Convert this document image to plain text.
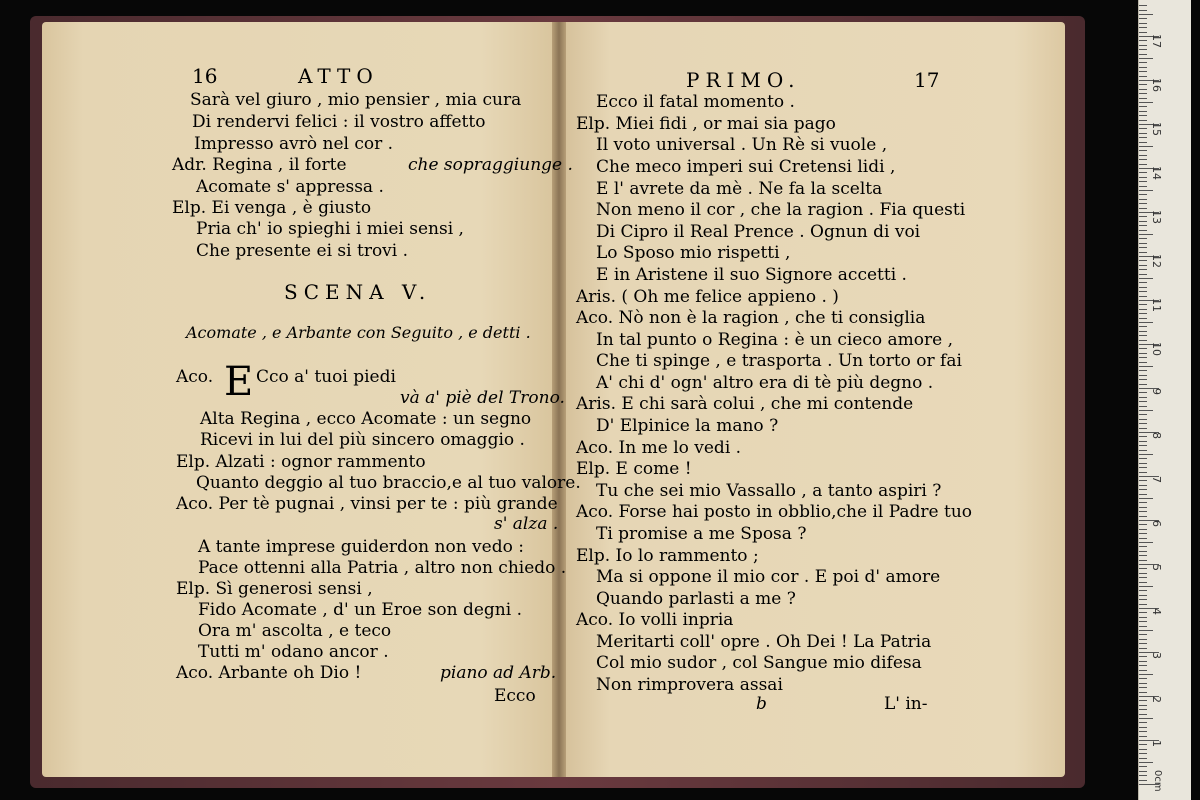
16	ATTO
Sarà vel giuro , mio pensier , mia cura
Di rendervi felici : il vostro affetto
Impresso avrò nel cor .
Adr. Regina , il forte	che sopraggiunge .
Acomate s' appressa .
Elp. Ei venga , è giusto
Pria ch' io spieghi i miei sensi ,
Che presente ei si trovi .
SCENA V.
Acomate , e Arbante con Seguito , e detti .
Aco. E Cco a' tuoi piedi
và a' piè del Trono.
Alta Regina , ecco Acomate : un segno
Ricevi in lui del più sincero omaggio .
Elp. Alzati : ognor rammento
Quanto deggio al tuo braccio,e al tuo valore.
Aco. Per tè pugnai , vinsi per te : più grande
s' alza .
A tante imprese guiderdon non vedo :
Pace ottenni alla Patria , altro non chiedo .
Elp. Sì generosi sensi ,
Fido Acomate , d' un Eroe son degni .
Ora m' ascolta , e teco
Tutti m' odano ancor .
Aco. Arbante oh Dio !	piano ad Arb.
Ecco
PRIMO.	17
Ecco il fatal momento .
Elp. Miei fidi , or mai sia pago
Il voto universal . Un Rè si vuole ,
Che meco imperi sui Cretensi lidi ,
E l' avrete da mè . Ne fa la scelta
Non meno il cor , che la ragion . Fia questi
Di Cipro il Real Prence . Ognun di voi
Lo Sposo mio rispetti ,
E in Aristene il suo Signore accetti .
Aris. ( Oh me felice appieno . )
Aco. Nò non è la ragion , che ti consiglia
In tal punto o Regina : è un cieco amore ,
Che ti spinge , e trasporta . Un torto or fai
A' chi d' ogn' altro era di tè più degno .
Aris. E chi sarà colui , che mi contende
D' Elpinice la mano ?
Aco. In me lo vedi .
Elp. E come !
Tu che sei mio Vassallo , a tanto aspiri ?
Aco. Forse hai posto in obblio,che il Padre tuo
Ti promise a me Sposa ?
Elp. Io lo rammento ;
Ma si oppone il mio cor . E poi d' amore
Quando parlasti a me ?
Aco. Io volli inpria
Meritarti coll' opre . Oh Dei ! La Patria
Col mio sudor , col Sangue mio difesa
Non rimprovera assai
b	L' in-
0cm
1
2
3
4
5
6
7
8
9
10
11
12
13
14
15
16
17
